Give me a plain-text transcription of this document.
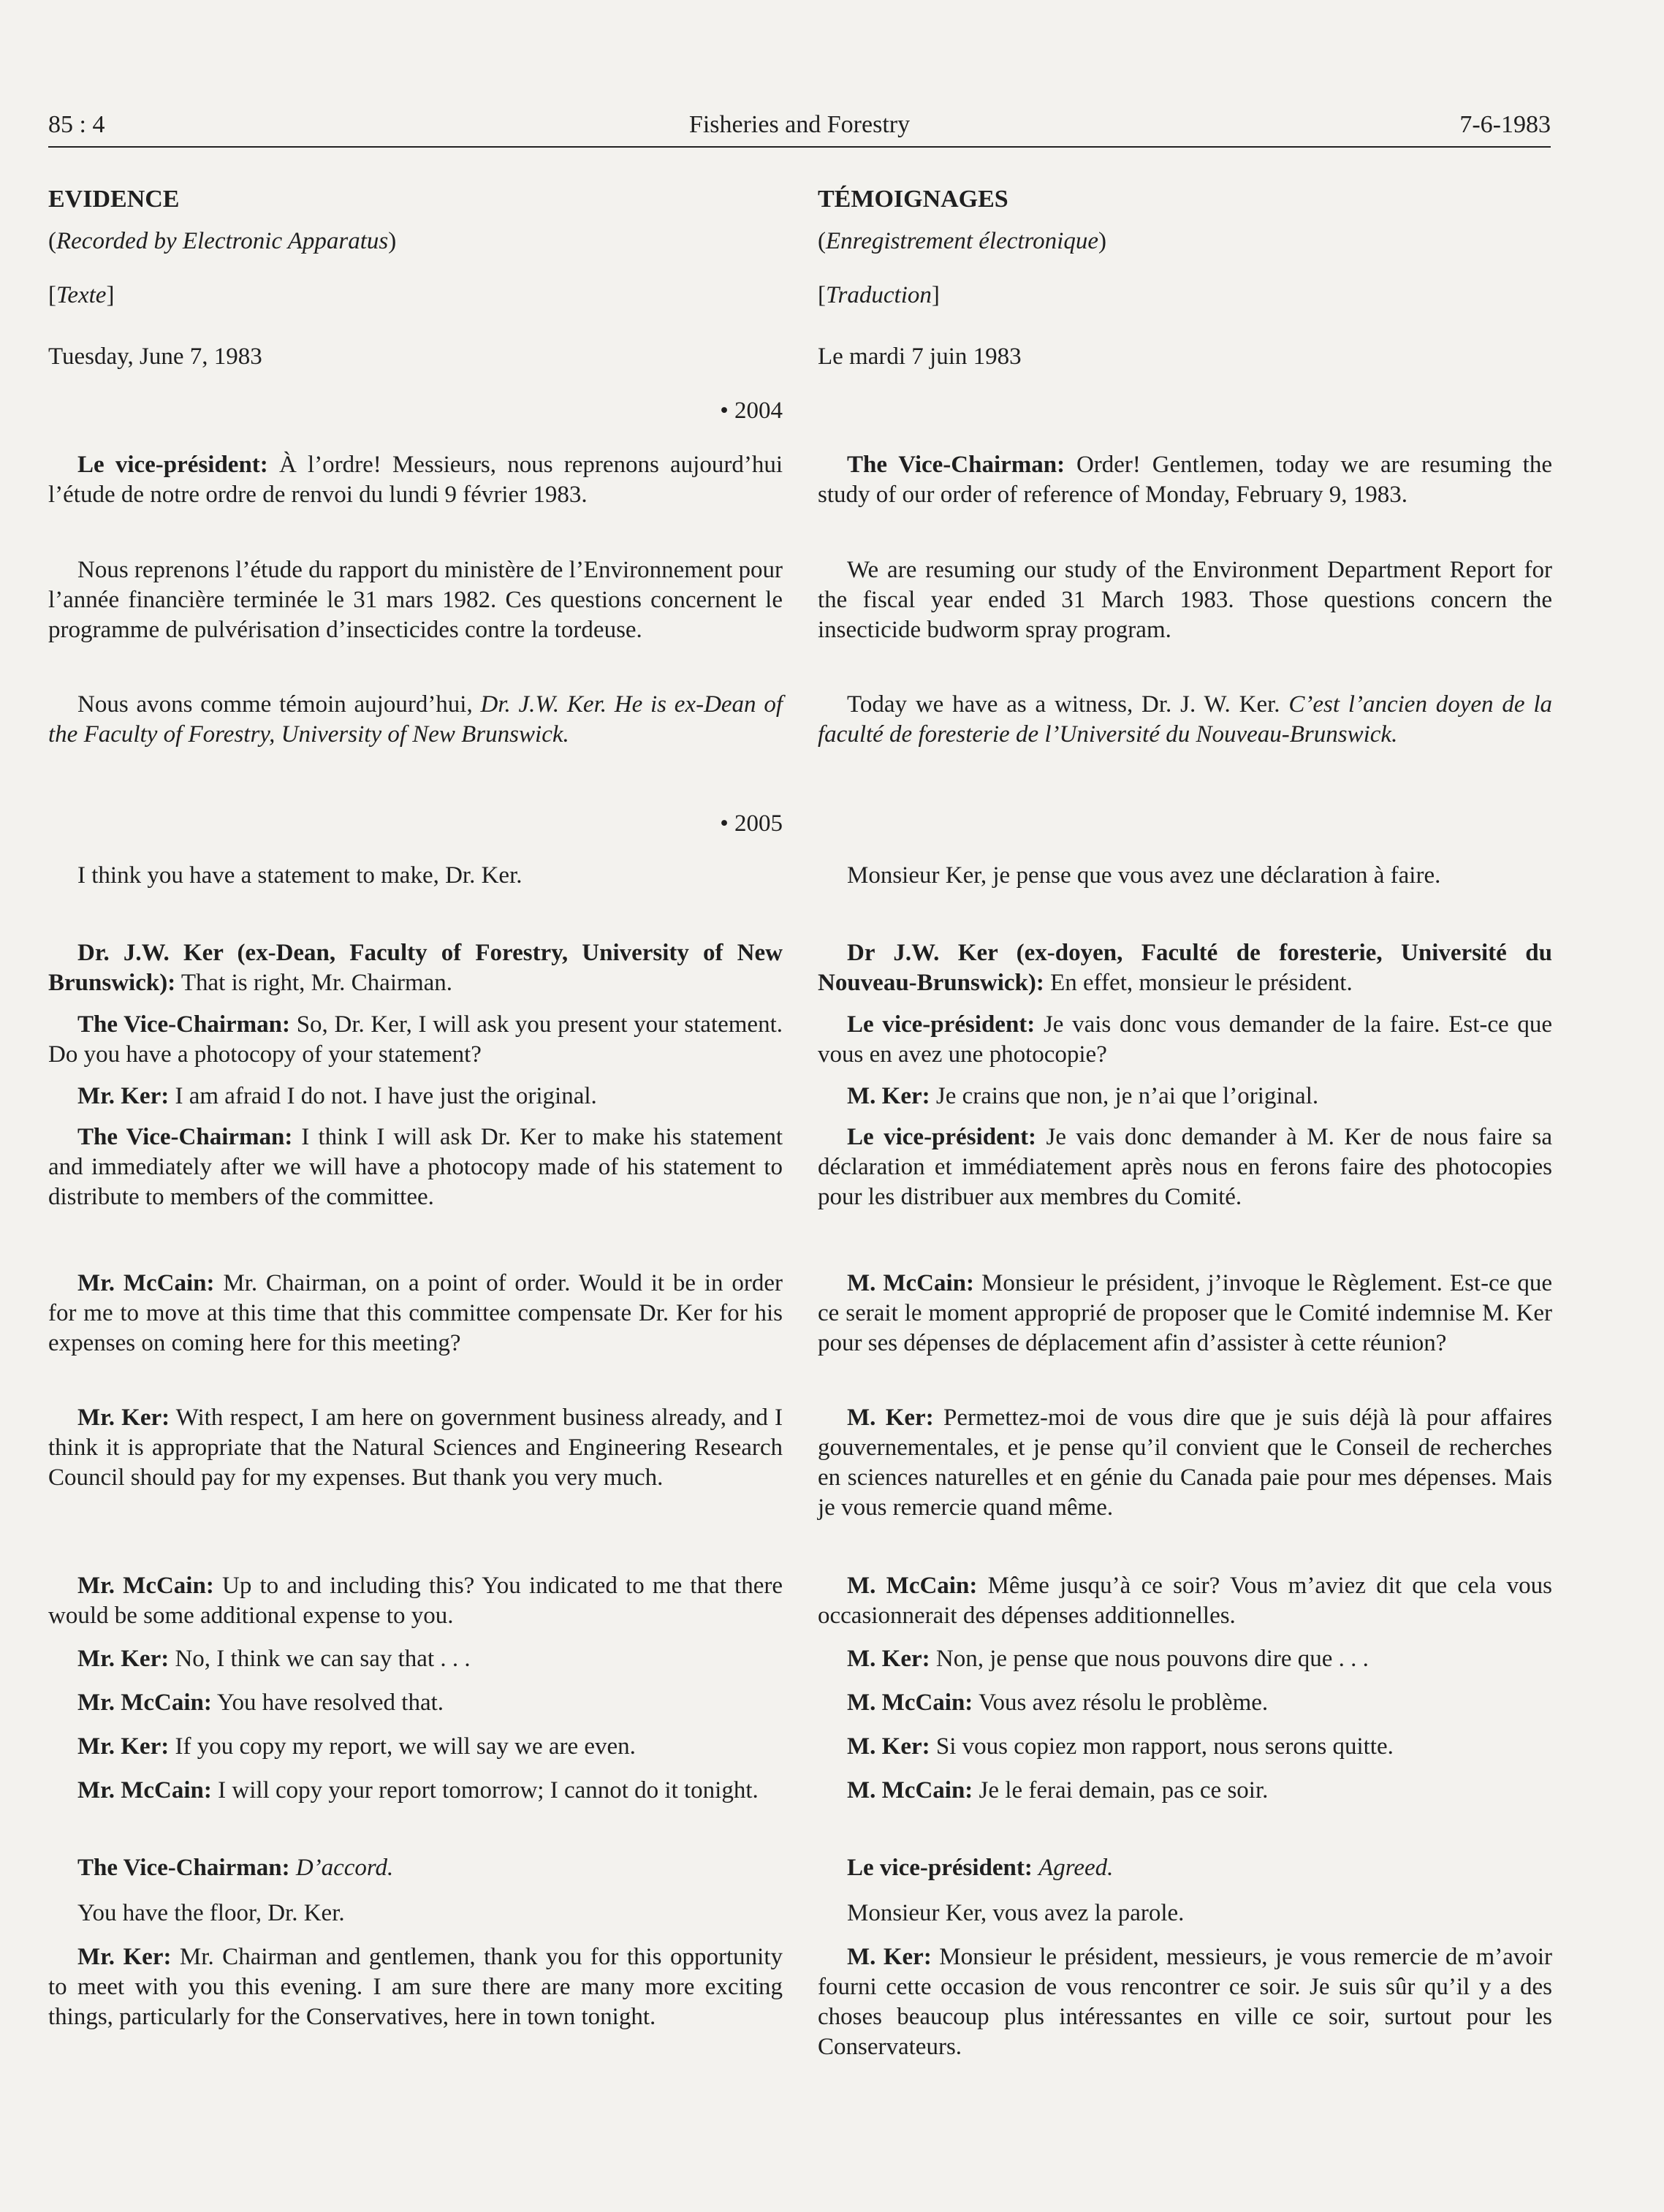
85 : 4	Fisheries and Forestry	7-6-1983

EVIDENCE

(Recorded by Electronic Apparatus)

[Texte]

Tuesday, June 7, 1983

• 2004

Le vice-président: À l’ordre! Messieurs, nous reprenons aujourd’hui l’étude de notre ordre de renvoi du lundi 9 février 1983.

Nous reprenons l’étude du rapport du ministère de l’Environnement pour l’année financière terminée le 31 mars 1982. Ces questions concernent le programme de pulvérisation d’insecticides contre la tordeuse.

Nous avons comme témoin aujourd’hui, Dr. J.W. Ker. He is ex-Dean of the Faculty of Forestry, University of New Brunswick.

• 2005

I think you have a statement to make, Dr. Ker.

Dr. J.W. Ker (ex-Dean, Faculty of Forestry, University of New Brunswick): That is right, Mr. Chairman.

The Vice-Chairman: So, Dr. Ker, I will ask you present your statement. Do you have a photocopy of your statement?

Mr. Ker: I am afraid I do not. I have just the original.

The Vice-Chairman: I think I will ask Dr. Ker to make his statement and immediately after we will have a photocopy made of his statement to distribute to members of the committee.

Mr. McCain: Mr. Chairman, on a point of order. Would it be in order for me to move at this time that this committee compensate Dr. Ker for his expenses on coming here for this meeting?

Mr. Ker: With respect, I am here on government business already, and I think it is appropriate that the Natural Sciences and Engineering Research Council should pay for my expenses. But thank you very much.

Mr. McCain: Up to and including this? You indicated to me that there would be some additional expense to you.

Mr. Ker: No, I think we can say that . . .

Mr. McCain: You have resolved that.

Mr. Ker: If you copy my report, we will say we are even.

Mr. McCain: I will copy your report tomorrow; I cannot do it tonight.

The Vice-Chairman: D’accord.

You have the floor, Dr. Ker.

Mr. Ker: Mr. Chairman and gentlemen, thank you for this opportunity to meet with you this evening. I am sure there are many more exciting things, particularly for the Conservatives, here in town tonight.

TÉMOIGNAGES

(Enregistrement électronique)

[Traduction]

Le mardi 7 juin 1983

The Vice-Chairman: Order! Gentlemen, today we are resuming the study of our order of reference of Monday, February 9, 1983.

We are resuming our study of the Environment Department Report for the fiscal year ended 31 March 1983. Those questions concern the insecticide budworm spray program.

Today we have as a witness, Dr. J. W. Ker. C’est l’ancien doyen de la faculté de foresterie de l’Université du Nouveau-Brunswick.

Monsieur Ker, je pense que vous avez une déclaration à faire.

Dr J.W. Ker (ex-doyen, Faculté de foresterie, Université du Nouveau-Brunswick): En effet, monsieur le président.

Le vice-président: Je vais donc vous demander de la faire. Est-ce que vous en avez une photocopie?

M. Ker: Je crains que non, je n’ai que l’original.

Le vice-président: Je vais donc demander à M. Ker de nous faire sa déclaration et immédiatement après nous en ferons faire des photocopies pour les distribuer aux membres du Comité.

M. McCain: Monsieur le président, j’invoque le Règlement. Est-ce que ce serait le moment approprié de proposer que le Comité indemnise M. Ker pour ses dépenses de déplacement afin d’assister à cette réunion?

M. Ker: Permettez-moi de vous dire que je suis déjà là pour affaires gouvernementales, et je pense qu’il convient que le Conseil de recherches en sciences naturelles et en génie du Canada paie pour mes dépenses. Mais je vous remercie quand même.

M. McCain: Même jusqu’à ce soir? Vous m’aviez dit que cela vous occasionnerait des dépenses additionnelles.

M. Ker: Non, je pense que nous pouvons dire que . . .

M. McCain: Vous avez résolu le problème.

M. Ker: Si vous copiez mon rapport, nous serons quitte.

M. McCain: Je le ferai demain, pas ce soir.

Le vice-président: Agreed.

Monsieur Ker, vous avez la parole.

M. Ker: Monsieur le président, messieurs, je vous remercie de m’avoir fourni cette occasion de vous rencontrer ce soir. Je suis sûr qu’il y a des choses beaucoup plus intéressantes en ville ce soir, surtout pour les Conservateurs.
